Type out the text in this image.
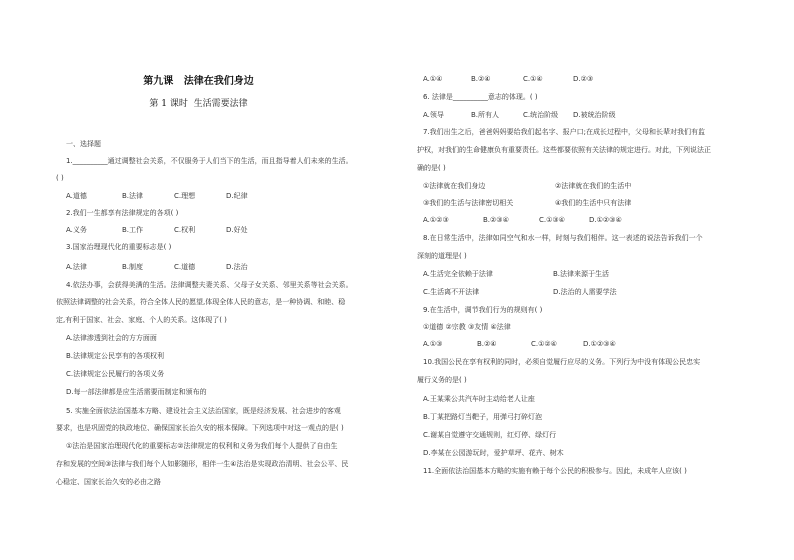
第九课   法律在我们身边
第 1 课时  生活需要法律
一、选择题
1.__________通过调整社会关系，不仅服务于人们当下的生活，而且指导着人们未来的生活。
( )
A.道德	B.法律	C.理想	D.纪律
2.我们一生都享有法律规定的各项( )
A.义务	B.工作	C.权利	D.好处
3.国家治理现代化的重要标志是( )
A.法律	B.制度	C.道德	D.法治
4.依法办事，会获得美满的生活。法律调整夫妻关系、父母子女关系、邻里关系等社会关系。
依照法律调整的社会关系，符合全体人民的愿望,体现全体人民的意志，是一种协调、和睦、稳
定,有利于国家、社会、家庭、个人的关系。这体现了( )
A.法律渗透到社会的方方面面
B.法律规定公民享有的各项权利
C.法律规定公民履行的各项义务
D.每一部法律都是应生活需要而制定和颁布的
5. 实施全面依法治国基本方略、建设社会主义法治国家，既是经济发展、社会进步的客观
要求，也是巩固党的执政地位、确保国家长治久安的根本保障。下列选项中对这一观点的是( )
①法治是国家治理现代化的重要标志②法律规定的权利和义务为我们每个人提供了自由生
存和发展的空间③法律与我们每个人如影随形，相伴一生④法治是实现政治清明、社会公平、民
心稳定、国家长治久安的必由之路
A.①④	B.②④	C.①④	D.②③
6. 法律是__________意志的体现。( )
A.领导	B.所有人	C.统治阶级 D.被统治阶级
7.我们出生之后，爸爸妈妈要给我们起名字、报户口;在成长过程中，父母和长辈对我们有监
护权，对我们的生命健康负有重要责任。这些都要依照有关法律的规定进行。对此，下列说法正
确的是( )
①法律就在我们身边	②法律就在我们的生活中
③我们的生活与法律密切相关	④我们的生活中只有法律
A.①②③	B.②③④	C.①③④	D.①②③④
8.在日常生活中，法律如同空气和水一样，时刻与我们相伴。这一表述的说法告诉我们一个
深刻的道理是( )
A.生活完全依赖于法律	B.法律来源于生活
C.生活离不开法律	D.法治的人需要学法
9.在生活中，调节我们行为的规则有( )
①道德 ②宗教 ③友情 ④法律
A.①③	B.②④	C.①②④	D.①②③④
10.我国公民在享有权利的同时，必须自觉履行应尽的义务。下列行为中没有体现公民忠实
履行义务的是( )
A.王某乘公共汽车时主动给老人让座
B.丁某把路灯当靶子，用弹弓打碎灯泡
C.谢某自觉遵守交通规则，红灯停、绿灯行
D.李某在公园游玩时，爱护草坪、花卉、树木
11.全面依法治国基本方略的实施有赖于每个公民的积极参与。因此，未成年人应该( )
